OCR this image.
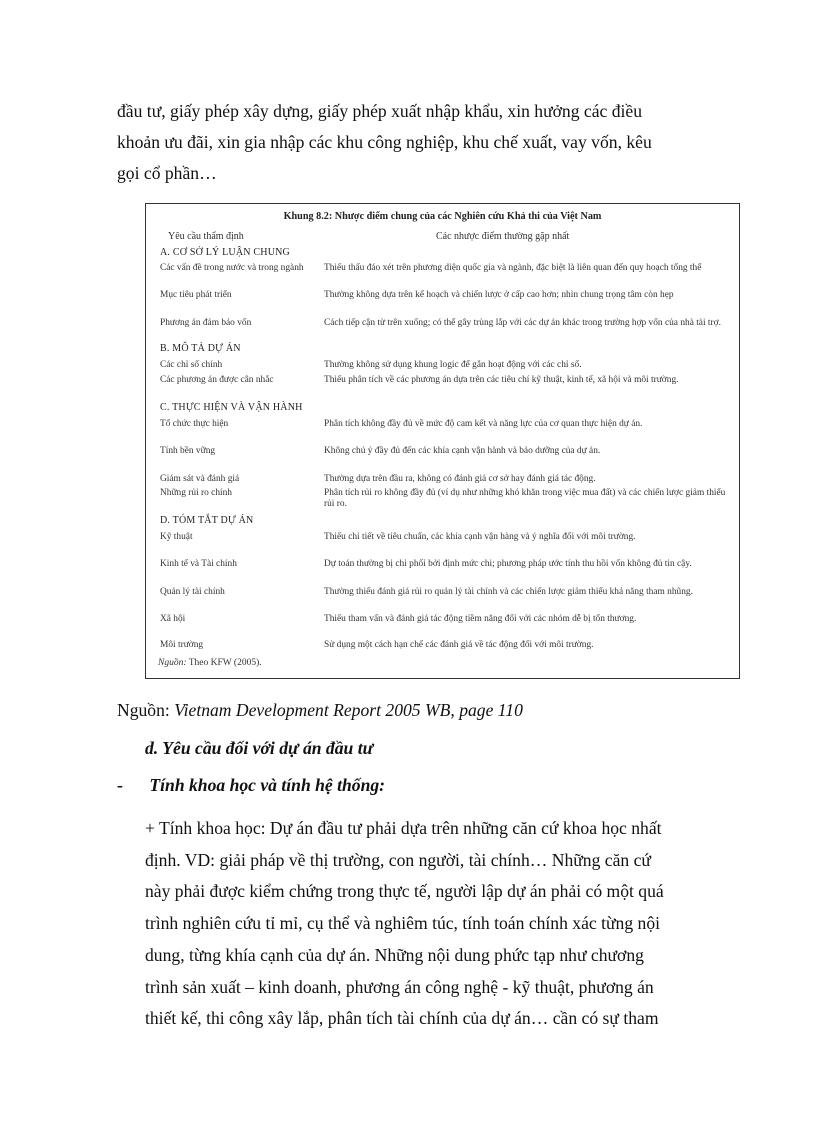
đầu tư, giấy phép xây dựng, giấy phép xuất nhập khẩu, xin hưởng các điều
khoản ưu đãi, xin gia nhập các khu công nghiệp, khu chế xuất, vay vốn, kêu
gọi cổ phần…
Khung 8.2: Nhược điểm chung của các Nghiên cứu Khả thi của Việt Nam
Yêu cầu thẩm định	Các nhược điểm thường gặp nhất
A. CƠ SỞ LÝ LUẬN CHUNG
Các vấn đề trong nước và trong ngành	Thiếu thấu đáo xét trên phương diện quốc gia và ngành, đặc biệt là liên quan đến quy hoạch tổng thể
Mục tiêu phát triển	Thường không dựa trên kế hoạch và chiến lược ở cấp cao hơn; nhìn chung trọng tâm còn hẹp
Phương án đảm bảo vốn	Cách tiếp cận từ trên xuống; có thể gây trùng lắp với các dự án khác trong trường hợp vốn của nhà tài trợ.
B. MÔ TẢ DỰ ÁN
Các chỉ số chính	Thường không sử dụng khung logic để gắn hoạt động với các chỉ số.
Các phương án được cân nhắc	Thiếu phân tích về các phương án dựa trên các tiêu chí kỹ thuật, kinh tế, xã hội và môi trường.
C. THỰC HIỆN VÀ VẬN HÀNH
Tổ chức thực hiện	Phân tích không đầy đủ về mức độ cam kết và năng lực của cơ quan thực hiện dự án.
Tính bền vững	Không chú ý đầy đủ đến các khía cạnh vận hành và bảo dưỡng của dự án.
Giám sát và đánh giá	Thường dựa trên đầu ra, không có đánh giá cơ sở hay đánh giá tác động.
Những rủi ro chính	Phân tích rủi ro không đầy đủ (ví dụ như những khó khăn trong việc mua đất) và các chiến lược giảm thiểu rủi ro.
D. TÓM TẮT DỰ ÁN
Kỹ thuật	Thiếu chi tiết về tiêu chuẩn, các khía cạnh vận hàng và ý nghĩa đối với môi trường.
Kinh tế và Tài chính	Dự toán thường bị chi phối bởi định mức chi; phương pháp ước tính thu hồi vốn không đủ tin cậy.
Quản lý tài chính	Thường thiếu đánh giá rủi ro quản lý tài chính và các chiến lược giảm thiểu khả năng tham nhũng.
Xã hội	Thiếu tham vấn và đánh giá tác động tiềm năng đối với các nhóm dễ bị tổn thương.
Môi trường	Sử dụng một cách hạn chế các đánh giá về tác động đối với môi trường.
Nguồn: Theo KFW (2005).
Nguồn: Vietnam Development Report 2005 WB, page 110
d. Yêu cầu đối với dự án đầu tư
- Tính khoa học và tính hệ thống:
+ Tính khoa học: Dự án đầu tư phải dựa trên những căn cứ khoa học nhất
định. VD: giải pháp về thị trường, con người, tài chính… Những căn cứ
này phải được kiểm chứng trong thực tế, người lập dự án phải có một quá
trình nghiên cứu tỉ mỉ, cụ thể và nghiêm túc, tính toán chính xác từng nội
dung, từng khía cạnh của dự án. Những nội dung phức tạp như chương
trình sản xuất – kinh doanh, phương án công nghệ - kỹ thuật, phương án
thiết kế, thi công xây lắp, phân tích tài chính của dự án… cần có sự tham
